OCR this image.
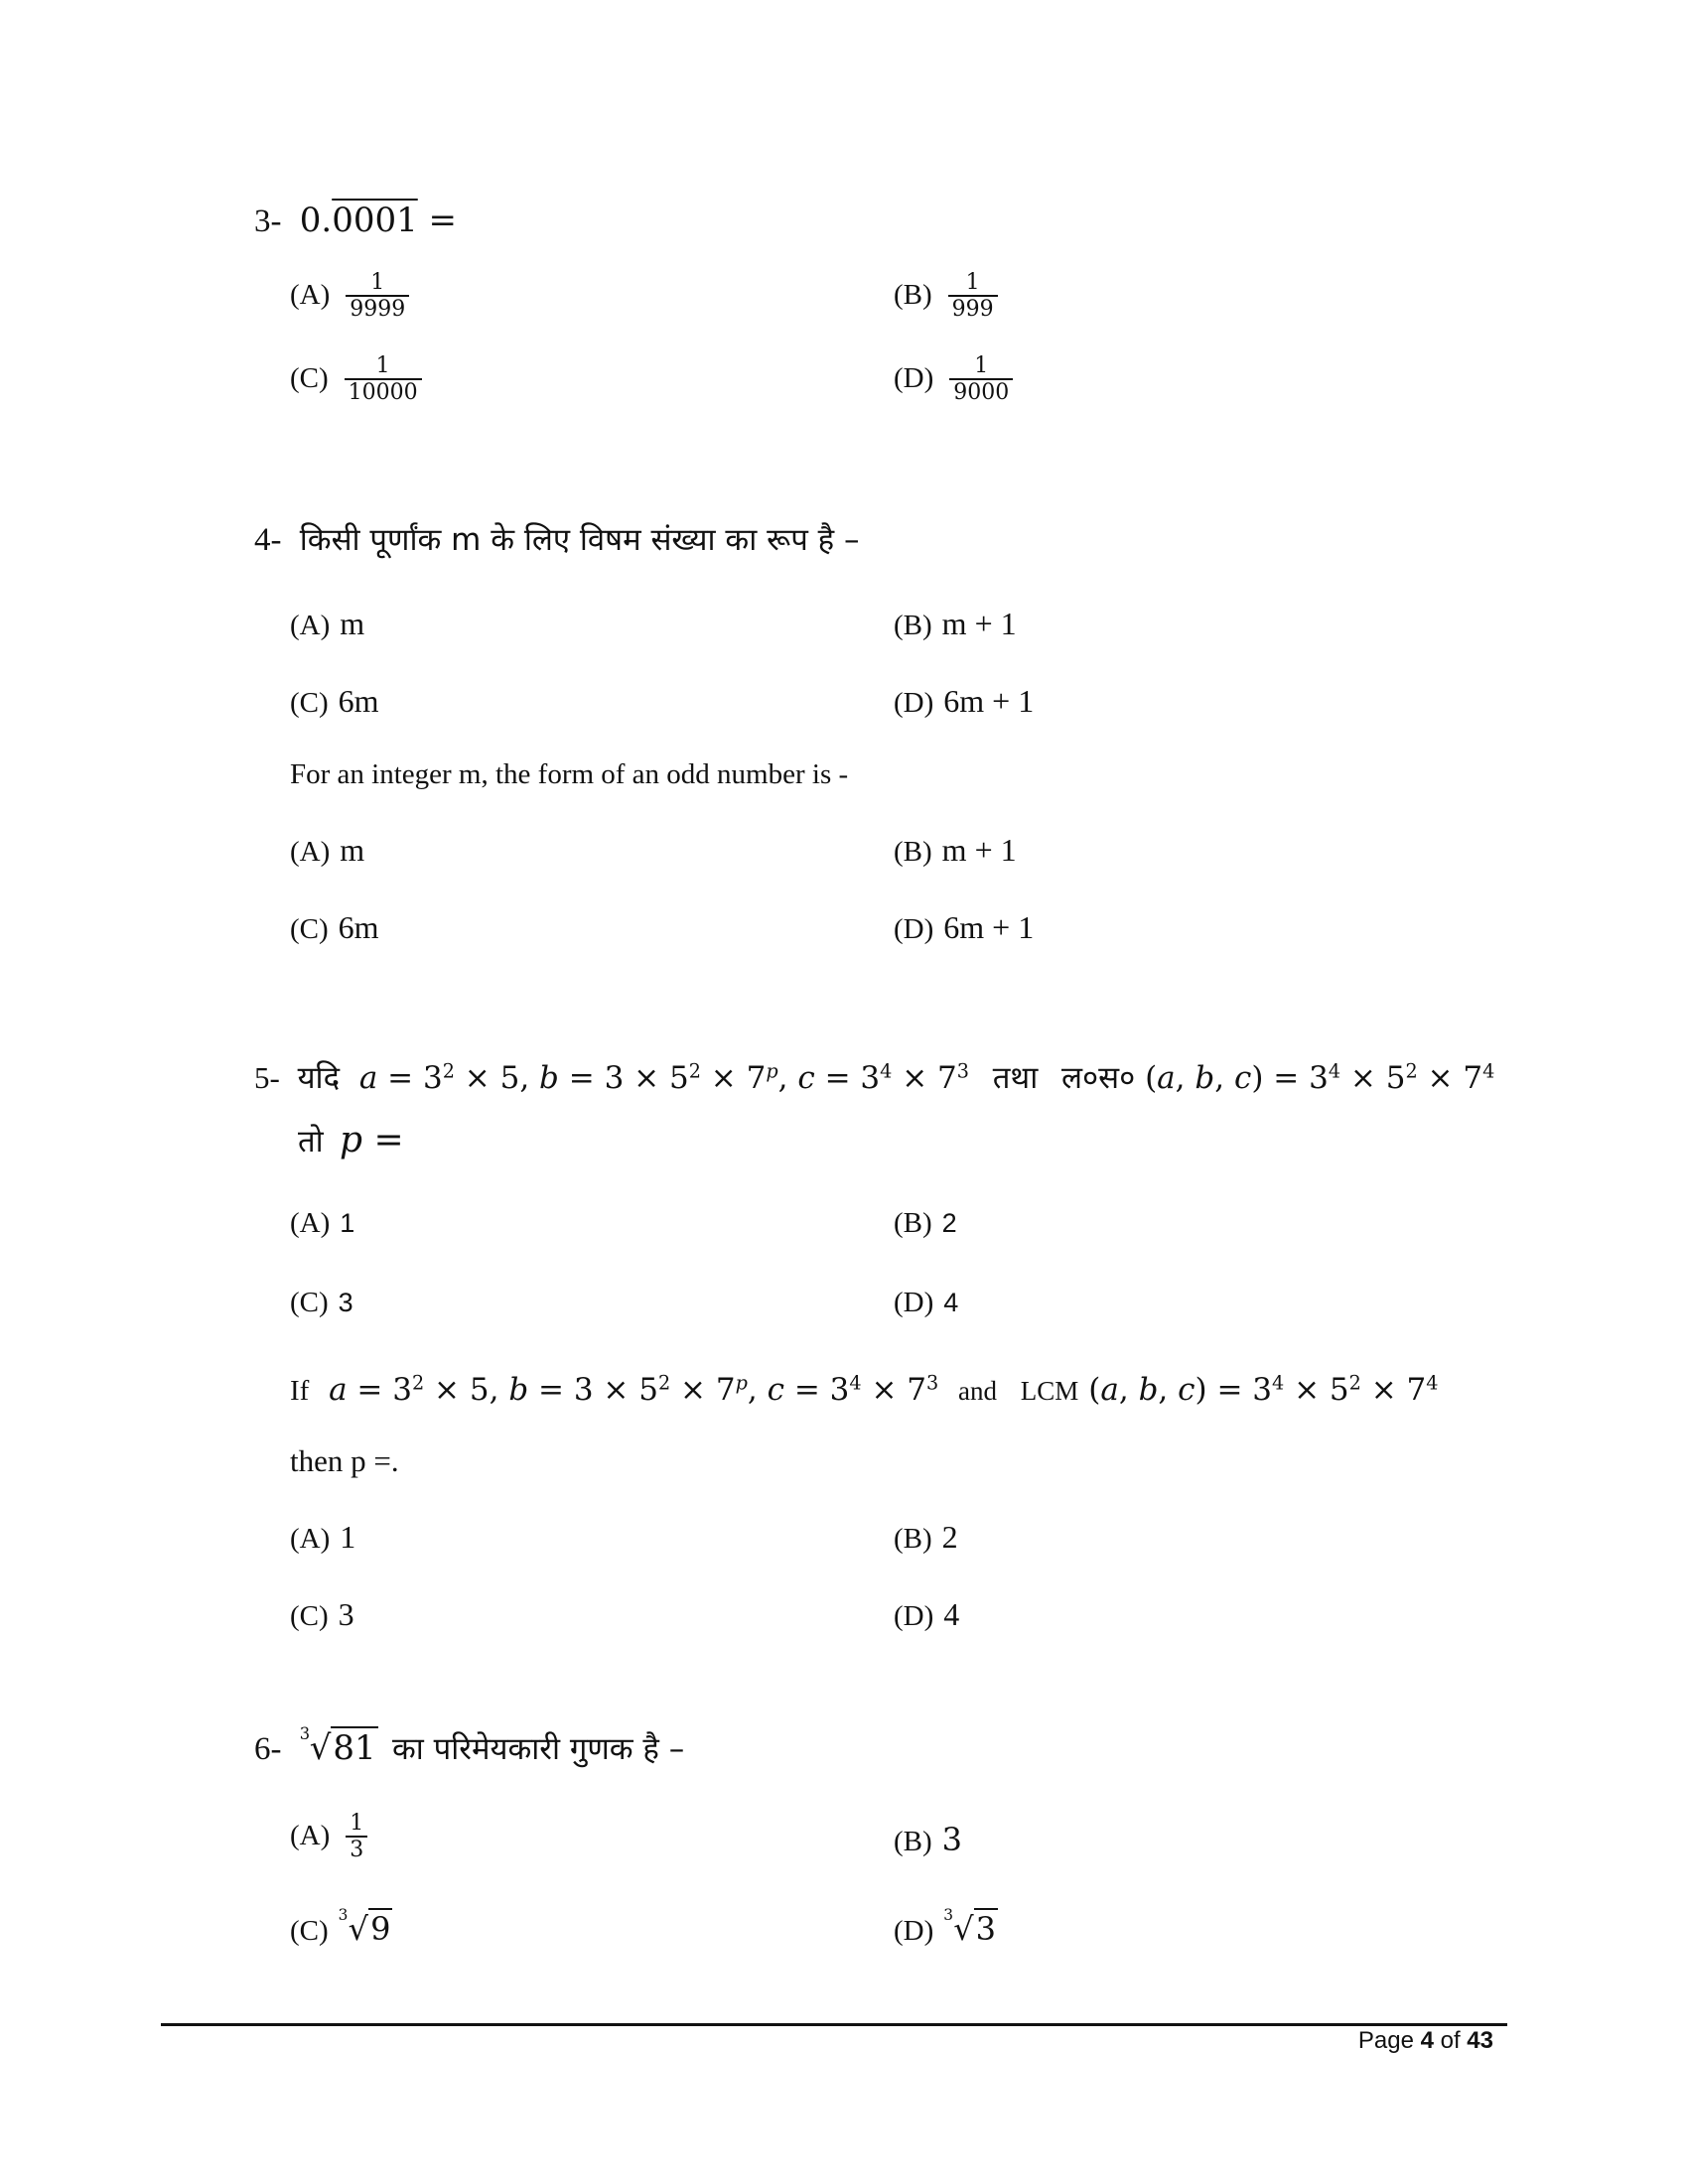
3- 0.0001 =
$(A) \frac{1}{9999}$	$(B) \frac{1}{999}$
$(C) \frac{1}{10000}$	$(D) \frac{1}{9000}$
4- किसी पूर्णांक m के लिए विषम संख्या का रूप है –
(A) m	(B) m + 1
(C) 6m	(D) 6m + 1
For an integer m, the form of an odd number is -
(A) m	(B) m + 1
(C) 6m	(D) 6m + 1
5- यदि $a = 3^2 \times 5$, $b = 3 \times 5^2 \times 7^p$, $c = 3^4 \times 7^3$ तथा ल०स० (a, b, $c) = 3^4 \times 5^2 \times 7^4$
तो p =
(A) 1	(B) 2
(C) 3	(D) 4
If $a = 3^2 \times 5$, $b = 3 \times 5^2 \times 7^p$, $c = 3^4 \times 7^3$ and LCM (a, b, $c) = 3^4 \times 5^2 \times 7^4$
then p =.
(A) 1	(B) 2
(C) 3	(D) 4
6- 3 √81 का परिमेयकारी गुणक है –
$(A) \frac{1}{3}$	(B) 3
(C) 3 √9	(D) 3 √3
Page 4 of 43
